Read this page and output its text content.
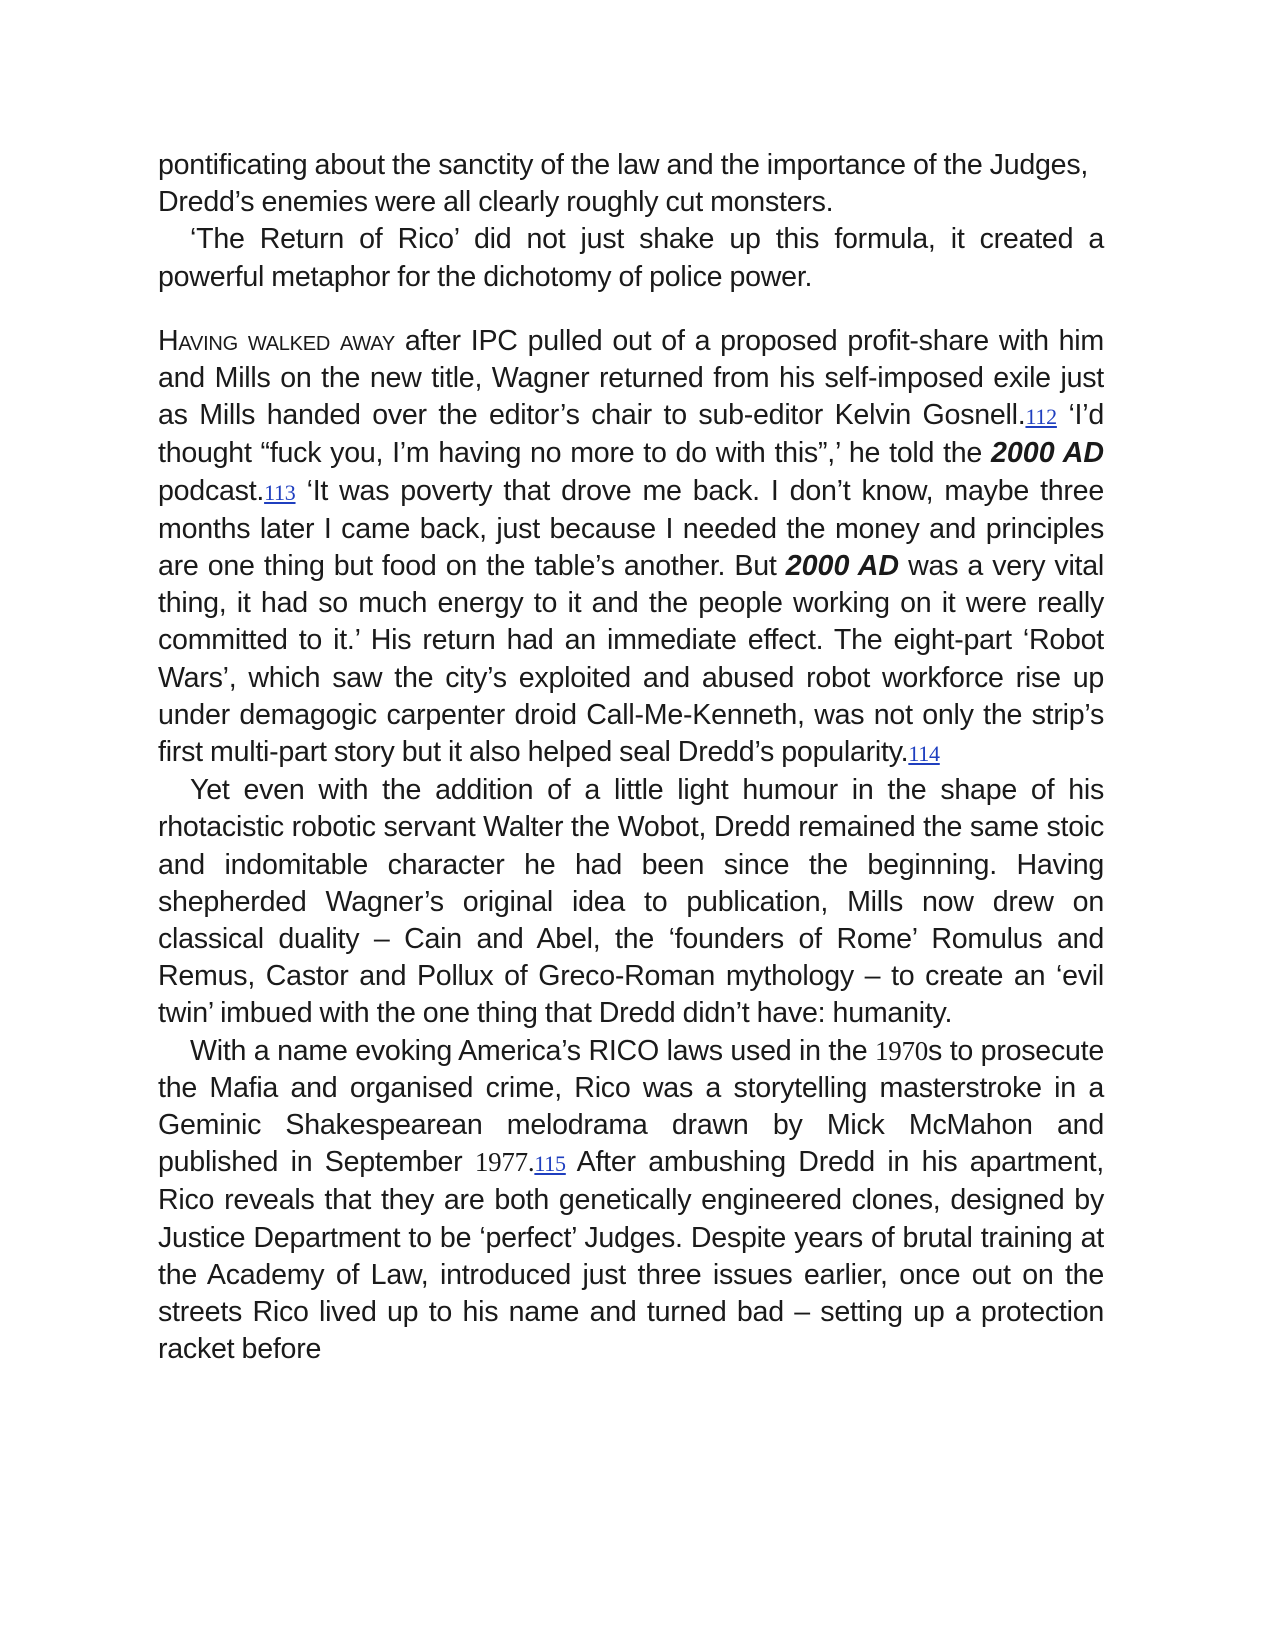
pontificating about the sanctity of the law and the importance of the Judges, Dredd’s enemies were all clearly roughly cut monsters.

‘The Return of Rico’ did not just shake up this formula, it created a powerful metaphor for the dichotomy of police power.

Having walked away after IPC pulled out of a proposed profit-share with him and Mills on the new title, Wagner returned from his self-imposed exile just as Mills handed over the editor’s chair to sub-editor Kelvin Gosnell.112 ‘I’d thought “fuck you, I’m having no more to do with this”,’ he told the 2000 AD podcast.113 ‘It was poverty that drove me back. I don’t know, maybe three months later I came back, just because I needed the money and principles are one thing but food on the table’s another. But 2000 AD was a very vital thing, it had so much energy to it and the people working on it were really committed to it.’ His return had an immediate effect. The eight-part ‘Robot Wars’, which saw the city’s exploited and abused robot workforce rise up under demagogic carpenter droid Call-Me-Kenneth, was not only the strip’s first multi-part story but it also helped seal Dredd’s popularity.114

Yet even with the addition of a little light humour in the shape of his rhotacistic robotic servant Walter the Wobot, Dredd remained the same stoic and indomitable character he had been since the beginning. Having shepherded Wagner’s original idea to publication, Mills now drew on classical duality – Cain and Abel, the ‘founders of Rome’ Romulus and Remus, Castor and Pollux of Greco-Roman mythology – to create an ‘evil twin’ imbued with the one thing that Dredd didn’t have: humanity.

With a name evoking America’s RICO laws used in the 1970s to prosecute the Mafia and organised crime, Rico was a storytelling masterstroke in a Geminic Shakespearean melodrama drawn by Mick McMahon and published in September 1977.115 After ambushing Dredd in his apartment, Rico reveals that they are both genetically engineered clones, designed by Justice Department to be ‘perfect’ Judges. Despite years of brutal training at the Academy of Law, introduced just three issues earlier, once out on the streets Rico lived up to his name and turned bad – setting up a protection racket before
